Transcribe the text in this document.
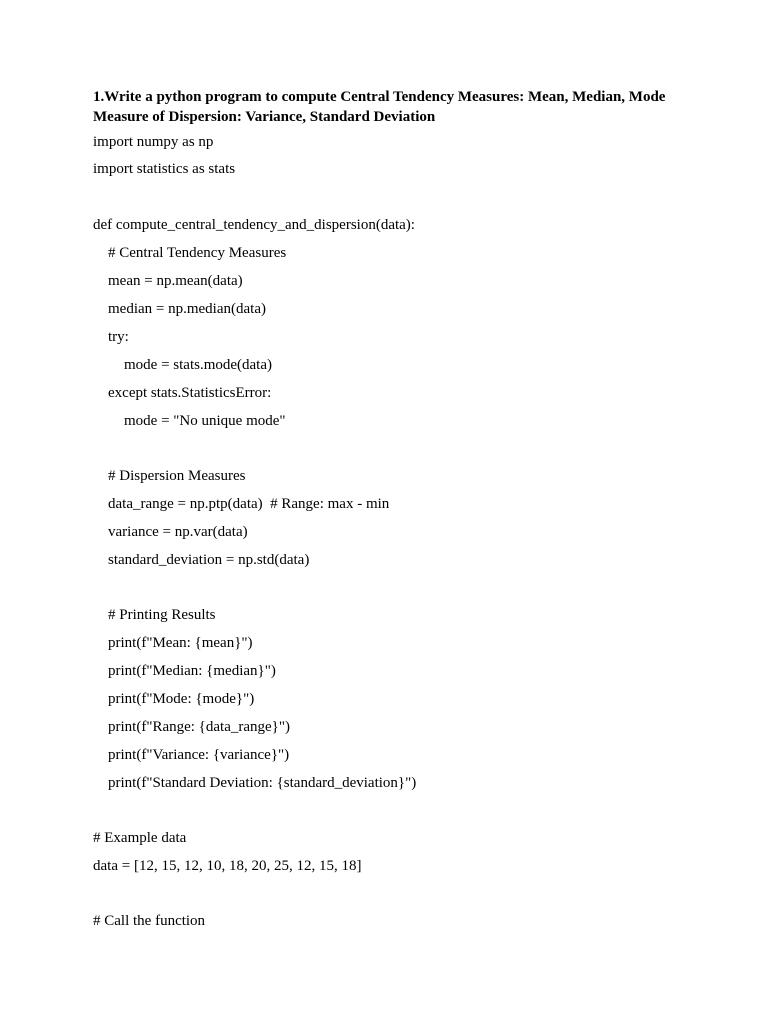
1.Write a python program to compute Central Tendency Measures: Mean, Median, Mode Measure of Dispersion: Variance, Standard Deviation
import numpy as np
import statistics as stats
def compute_central_tendency_and_dispersion(data):
# Central Tendency Measures
mean = np.mean(data)
median = np.median(data)
try:
mode = stats.mode(data)
except stats.StatisticsError:
mode = "No unique mode"
# Dispersion Measures
data_range = np.ptp(data)  # Range: max - min
variance = np.var(data)
standard_deviation = np.std(data)
# Printing Results
print(f"Mean: {mean}")
print(f"Median: {median}")
print(f"Mode: {mode}")
print(f"Range: {data_range}")
print(f"Variance: {variance}")
print(f"Standard Deviation: {standard_deviation}")
# Example data
data = [12, 15, 12, 10, 18, 20, 25, 12, 15, 18]
# Call the function
